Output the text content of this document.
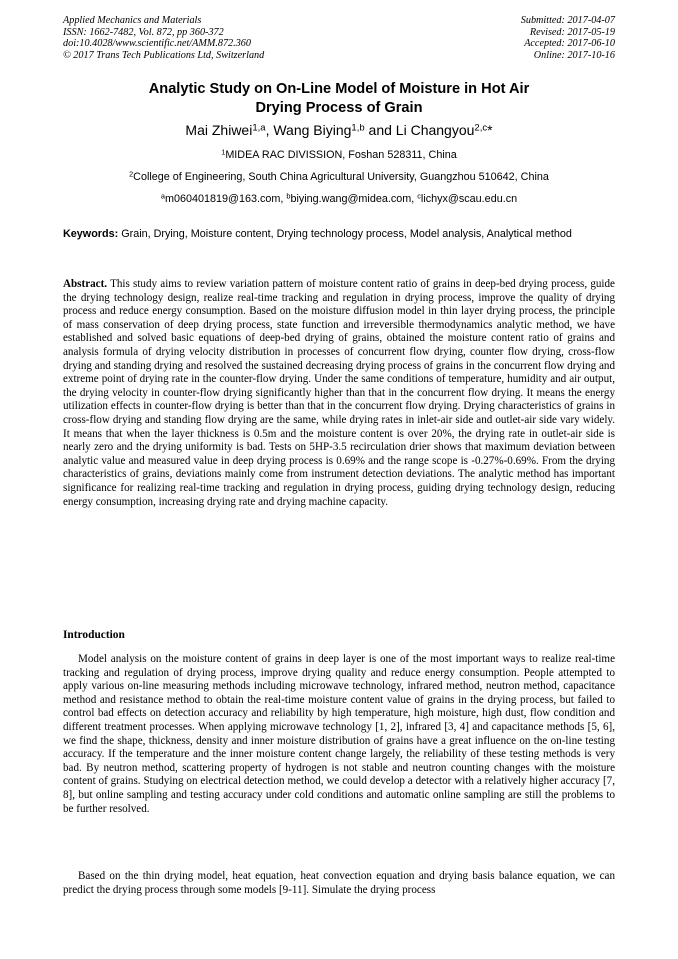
Applied Mechanics and Materials
ISSN: 1662-7482, Vol. 872, pp 360-372
doi:10.4028/www.scientific.net/AMM.872.360
© 2017 Trans Tech Publications Ltd, Switzerland
Submitted: 2017-04-07
Revised: 2017-05-19
Accepted: 2017-06-10
Online: 2017-10-16
Analytic Study on On-Line Model of Moisture in Hot Air
Drying Process of Grain
Mai Zhiwei$^{1,a}$, Wang Biying$^{1,b}$ and Li Changyou$^{2,c}$*
$^1$MIDEA RAC DIVISSION, Foshan 528311, China
$^2$College of Engineering, South China Agricultural University, Guangzhou 510642, China
$^a$m060401819@163.com, $^b$biying.wang@midea.com, $^c$lichyx@scau.edu.cn
Keywords: Grain, Drying, Moisture content, Drying technology process, Model analysis, Analytical method
Abstract. This study aims to review variation pattern of moisture content ratio of grains in deep-bed drying process, guide the drying technology design, realize real-time tracking and regulation in drying process, improve the quality of drying process and reduce energy consumption. Based on the moisture diffusion model in thin layer drying process, the principle of mass conservation of deep drying process, state function and irreversible thermodynamics analytic method, we have established and solved basic equations of deep-bed drying of grains, obtained the moisture content ratio of grains and analysis formula of drying velocity distribution in processes of concurrent flow drying, counter flow drying, cross-flow drying and standing drying and resolved the sustained decreasing drying process of grains in the concurrent flow drying and extreme point of drying rate in the counter-flow drying. Under the same conditions of temperature, humidity and air output, the drying velocity in counter-flow drying significantly higher than that in the concurrent flow drying. It means the energy utilization effects in counter-flow drying is better than that in the concurrent flow drying. Drying characteristics of grains in cross-flow drying and standing flow drying are the same, while drying rates in inlet-air side and outlet-air side vary widely. It means that when the layer thickness is 0.5m and the moisture content is over 20%, the drying rate in outlet-air side is nearly zero and the drying uniformity is bad. Tests on 5HP-3.5 recirculation drier shows that maximum deviation between analytic value and measured value in deep drying process is 0.69% and the range scope is -0.27%-0.69%. From the drying characteristics of grains, deviations mainly come from instrument detection deviations. The analytic method has important significance for realizing real-time tracking and regulation in drying process, guiding drying technology design, reducing energy consumption, increasing drying rate and drying machine capacity.
Introduction
Model analysis on the moisture content of grains in deep layer is one of the most important ways to realize real-time tracking and regulation of drying process, improve drying quality and reduce energy consumption. People attempted to apply various on-line measuring methods including microwave technology, infrared method, neutron method, capacitance method and resistance method to obtain the real-time moisture content value of grains in the drying process, but failed to control bad effects on detection accuracy and reliability by high temperature, high moisture, high dust, flow condition and different treatment processes. When applying microwave technology [1, 2], infrared [3, 4] and capacitance methods [5, 6], we find the shape, thickness, density and inner moisture distribution of grains have a great influence on the on-line testing accuracy. If the temperature and the inner moisture content change largely, the reliability of these testing methods is very bad. By neutron method, scattering property of hydrogen is not stable and neutron counting changes with the moisture content of grains. Studying on electrical detection method, we could develop a detector with a relatively higher accuracy [7, 8], but online sampling and testing accuracy under cold conditions and automatic online sampling are still the problems to be further resolved.
Based on the thin drying model, heat equation, heat convection equation and drying basis balance equation, we can predict the drying process through some models [9-11]. Simulate the drying process
